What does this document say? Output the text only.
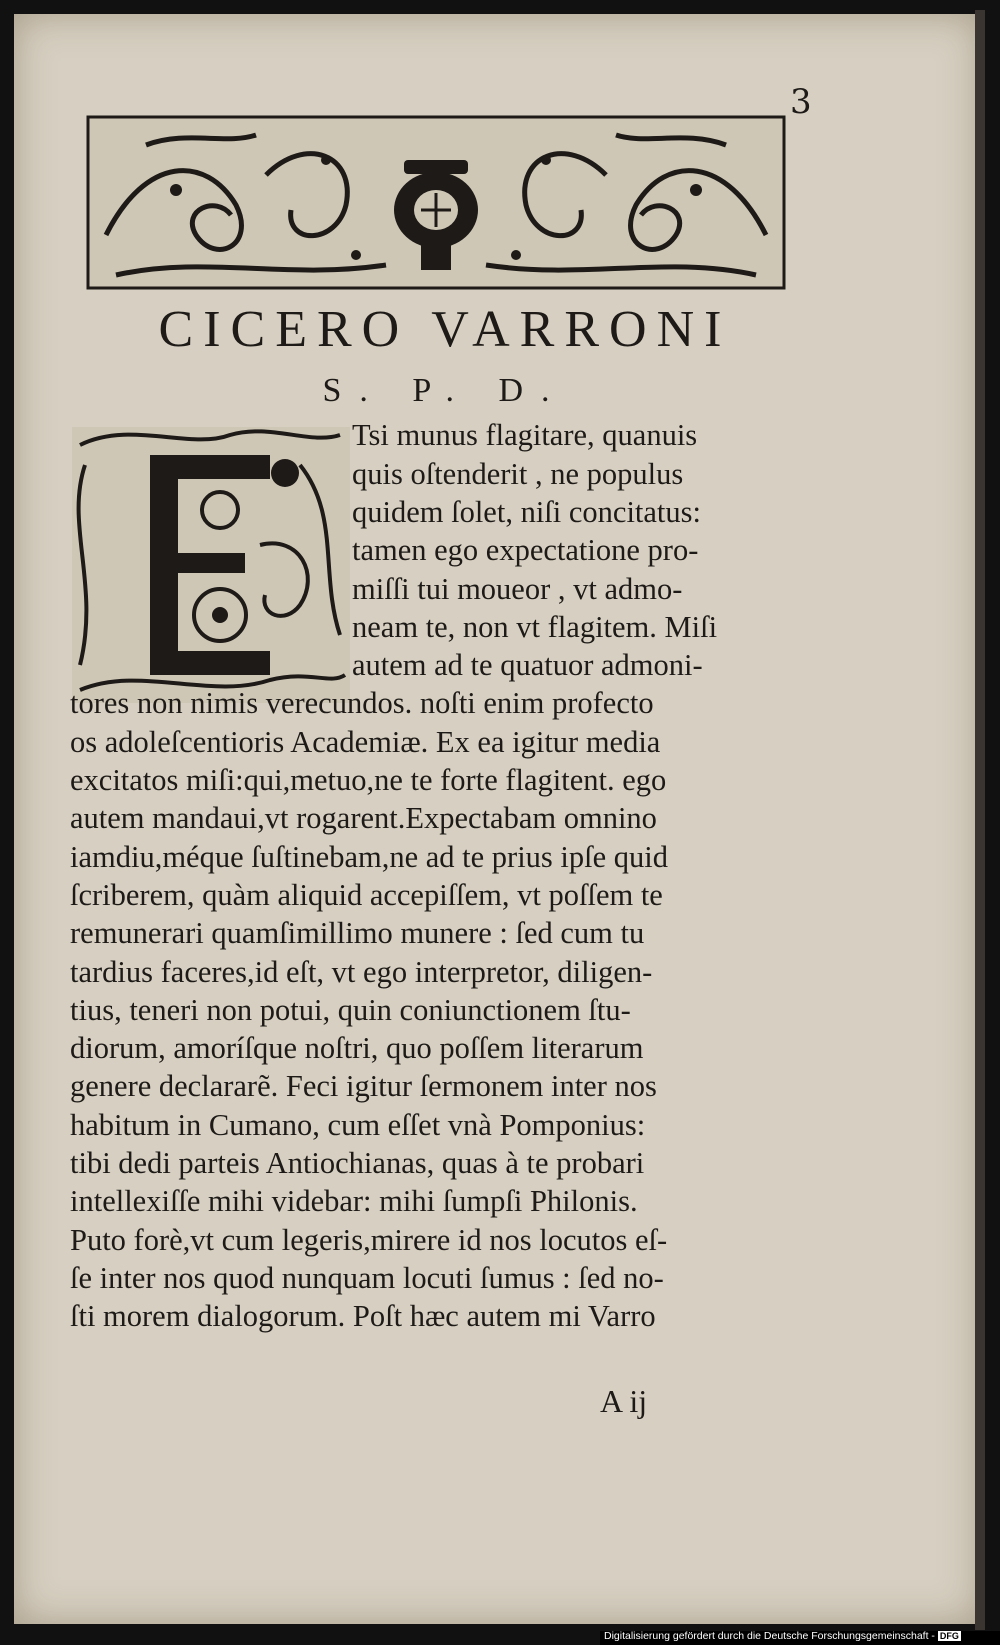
3
CICERO VARRONI
S. P. D.
Tsi munus flagitare, quanuis
quis oſtenderit , ne populus
quidem ſolet, niſi concitatus:
tamen ego expectatione pro-
miſſi tui moueor , vt admo-
neam te, non vt flagitem. Miſi
autem ad te quatuor admoni-
tores non nimis verecundos. noſti enim profecto
os adoleſcentioris Academiæ. Ex ea igitur media
excitatos miſi:qui,metuo,ne te forte flagitent. ego
autem mandaui,vt rogarent.Expectabam omnino
iamdiu,méque ſuſtinebam,ne ad te prius ipſe quid
ſcriberem, quàm aliquid accepiſſem, vt poſſem te
remunerari quamſimillimo munere : ſed cum tu
tardius faceres,id eſt, vt ego interpretor, diligen-
tius, teneri non potui, quin coniunctionem ſtu-
diorum, amoríſque noſtri, quo poſſem literarum
genere declararẽ. Feci igitur ſermonem inter nos
habitum in Cumano, cum eſſet vnà Pomponius:
tibi dedi parteis Antiochianas, quas à te probari
intellexiſſe mihi videbar: mihi ſumpſi Philonis.
Puto forè,vt cum legeris,mirere id nos locutos eſ-
ſe inter nos quod nunquam locuti ſumus : ſed no-
ſti morem dialogorum. Poſt hæc autem mi Varro
A ij
Digitalisierung gefördert durch die Deutsche Forschungsgemeinschaft - DFG
